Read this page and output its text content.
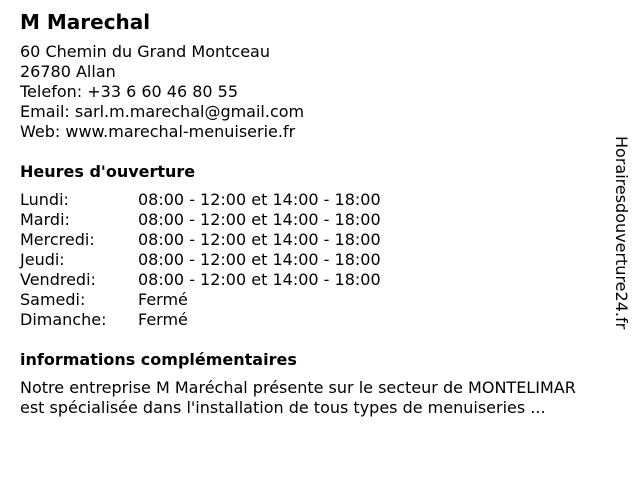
M Marechal
60 Chemin du Grand Montceau
26780 Allan
Telefon: +33 6 60 46 80 55
Email: sarl.m.marechal@gmail.com
Web: www.marechal-menuiserie.fr
Heures d'ouverture
Lundi:	08:00 - 12:00 et 14:00 - 18:00
Mardi:	08:00 - 12:00 et 14:00 - 18:00
Mercredi:	08:00 - 12:00 et 14:00 - 18:00
Jeudi:	08:00 - 12:00 et 14:00 - 18:00
Vendredi:	08:00 - 12:00 et 14:00 - 18:00
Samedi:	Fermé
Dimanche:	Fermé
informations complémentaires
Notre entreprise M Maréchal présente sur le secteur de MONTELIMAR
est spécialisée dans l'installation de tous types de menuiseries ...
Horairesdouverture24.fr
